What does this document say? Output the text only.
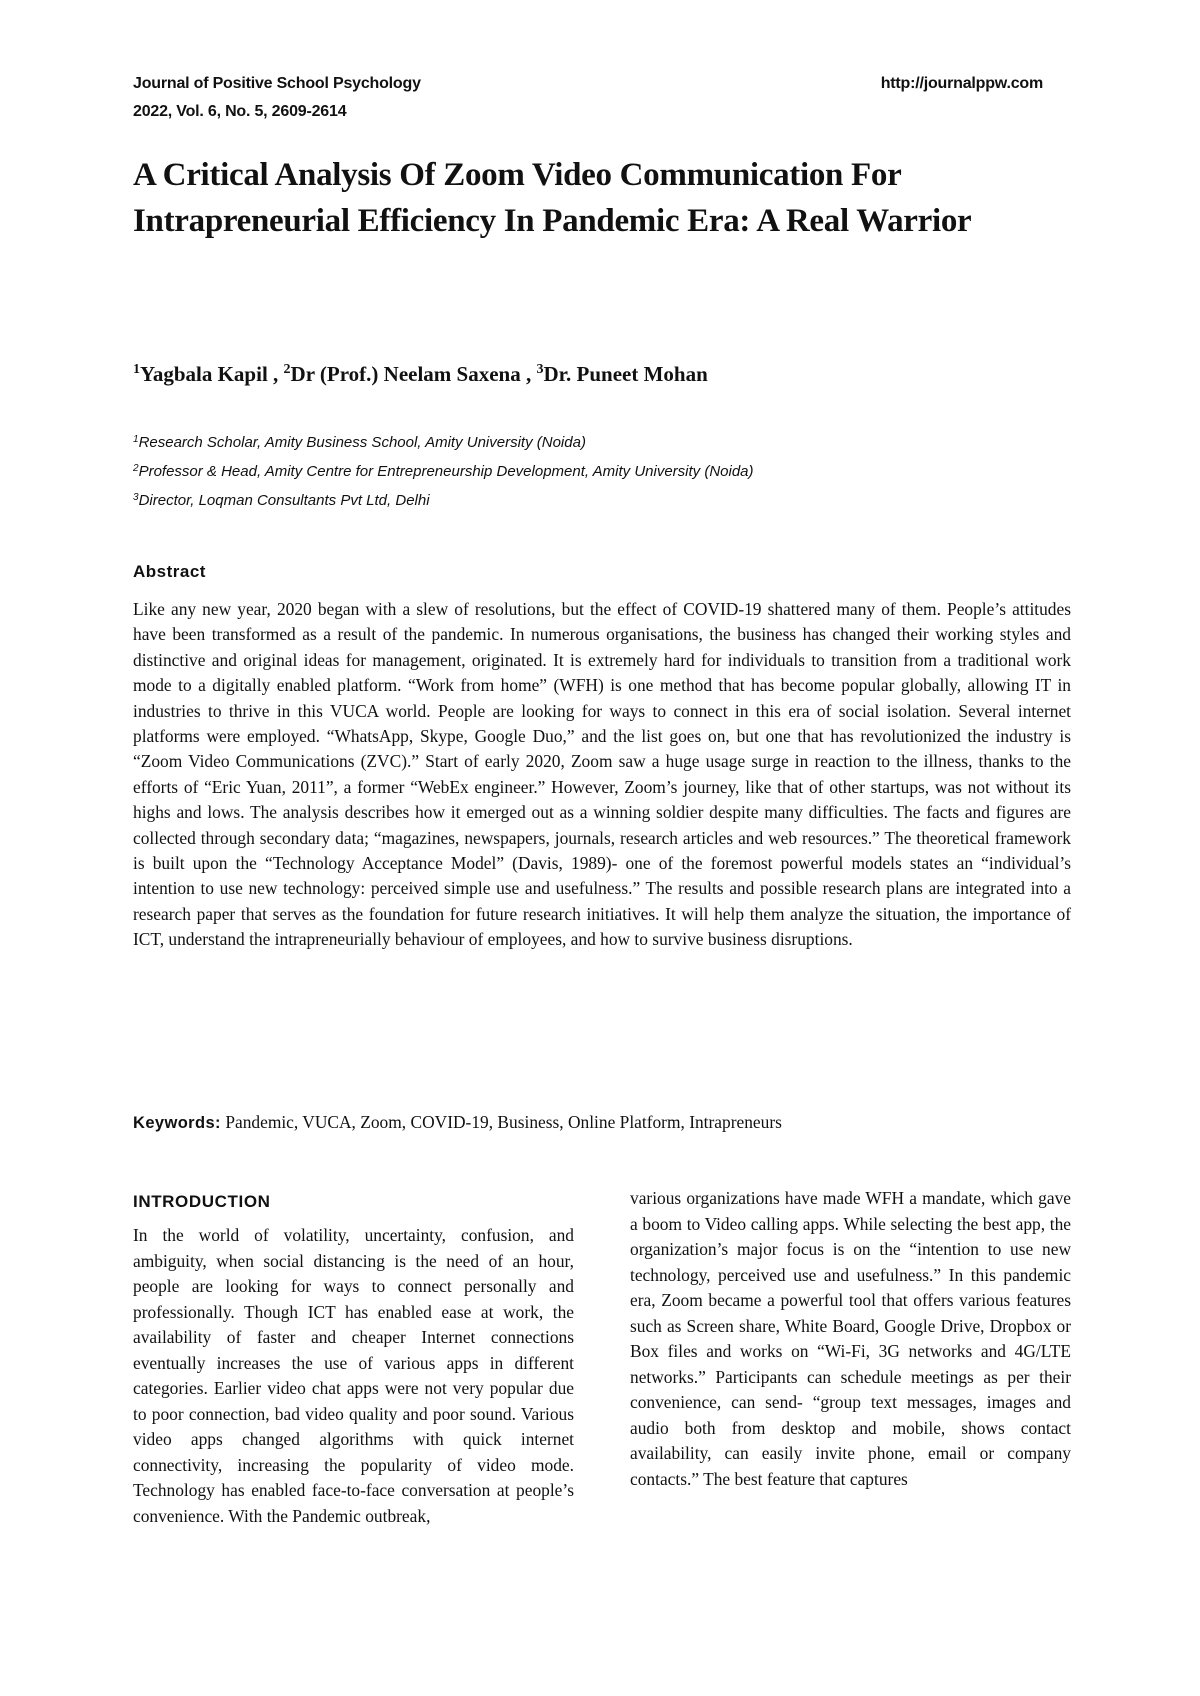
Journal of Positive School Psychology	http://journalppw.com
2022, Vol. 6, No. 5, 2609-2614
A Critical Analysis Of Zoom Video Communication For Intrapreneurial Efficiency In Pandemic Era: A Real Warrior
$^1$Yagbala Kapil , $^2$Dr (Prof.) Neelam Saxena , $^3$Dr. Puneet Mohan
$^1$Research Scholar, Amity Business School, Amity University (Noida)
$^2$Professor & Head, Amity Centre for Entrepreneurship Development, Amity University (Noida)
$^3$Director, Loqman Consultants Pvt Ltd, Delhi
Abstract

Like any new year, 2020 began with a slew of resolutions, but the effect of COVID-19 shattered many of them. People’s attitudes have been transformed as a result of the pandemic. In numerous organisations, the business has changed their working styles and distinctive and original ideas for management, originated. It is extremely hard for individuals to transition from a traditional work mode to a digitally enabled platform. “Work from home” (WFH) is one method that has become popular globally, allowing IT in industries to thrive in this VUCA world. People are looking for ways to connect in this era of social isolation. Several internet platforms were employed. “WhatsApp, Skype, Google Duo,” and the list goes on, but one that has revolutionized the industry is “Zoom Video Communications (ZVC).” Start of early 2020, Zoom saw a huge usage surge in reaction to the illness, thanks to the efforts of “Eric Yuan, 2011”, a former “WebEx engineer.” However, Zoom’s journey, like that of other startups, was not without its highs and lows. The analysis describes how it emerged out as a winning soldier despite many difficulties. The facts and figures are collected through secondary data; “magazines, newspapers, journals, research articles and web resources.” The theoretical framework is built upon the “Technology Acceptance Model” (Davis, 1989)- one of the foremost powerful models states an “individual’s intention to use new technology: perceived simple use and usefulness.” The results and possible research plans are integrated into a research paper that serves as the foundation for future research initiatives. It will help them analyze the situation, the importance of ICT, understand the intrapreneurially behaviour of employees, and how to survive business disruptions.

Keywords: Pandemic, VUCA, Zoom, COVID-19, Business, Online Platform, Intrapreneurs
INTRODUCTION

In the world of volatility, uncertainty, confusion, and ambiguity, when social distancing is the need of an hour, people are looking for ways to connect personally and professionally. Though ICT has enabled ease at work, the availability of faster and cheaper Internet connections eventually increases the use of various apps in different categories. Earlier video chat apps were not very popular due to poor connection, bad video quality and poor sound. Various video apps changed algorithms with quick internet connectivity, increasing the popularity of video mode. Technology has enabled face-to-face conversation at people’s convenience. With the Pandemic outbreak,

various organizations have made WFH a mandate, which gave a boom to Video calling apps. While selecting the best app, the organization’s major focus is on the “intention to use new technology, perceived use and usefulness.” In this pandemic era, Zoom became a powerful tool that offers various features such as Screen share, White Board, Google Drive, Dropbox or Box files and works on “Wi-Fi, 3G networks and 4G/LTE networks.” Participants can schedule meetings as per their convenience, can send- “group text messages, images and audio both from desktop and mobile, shows contact availability, can easily invite phone, email or company contacts.” The best feature that captures
